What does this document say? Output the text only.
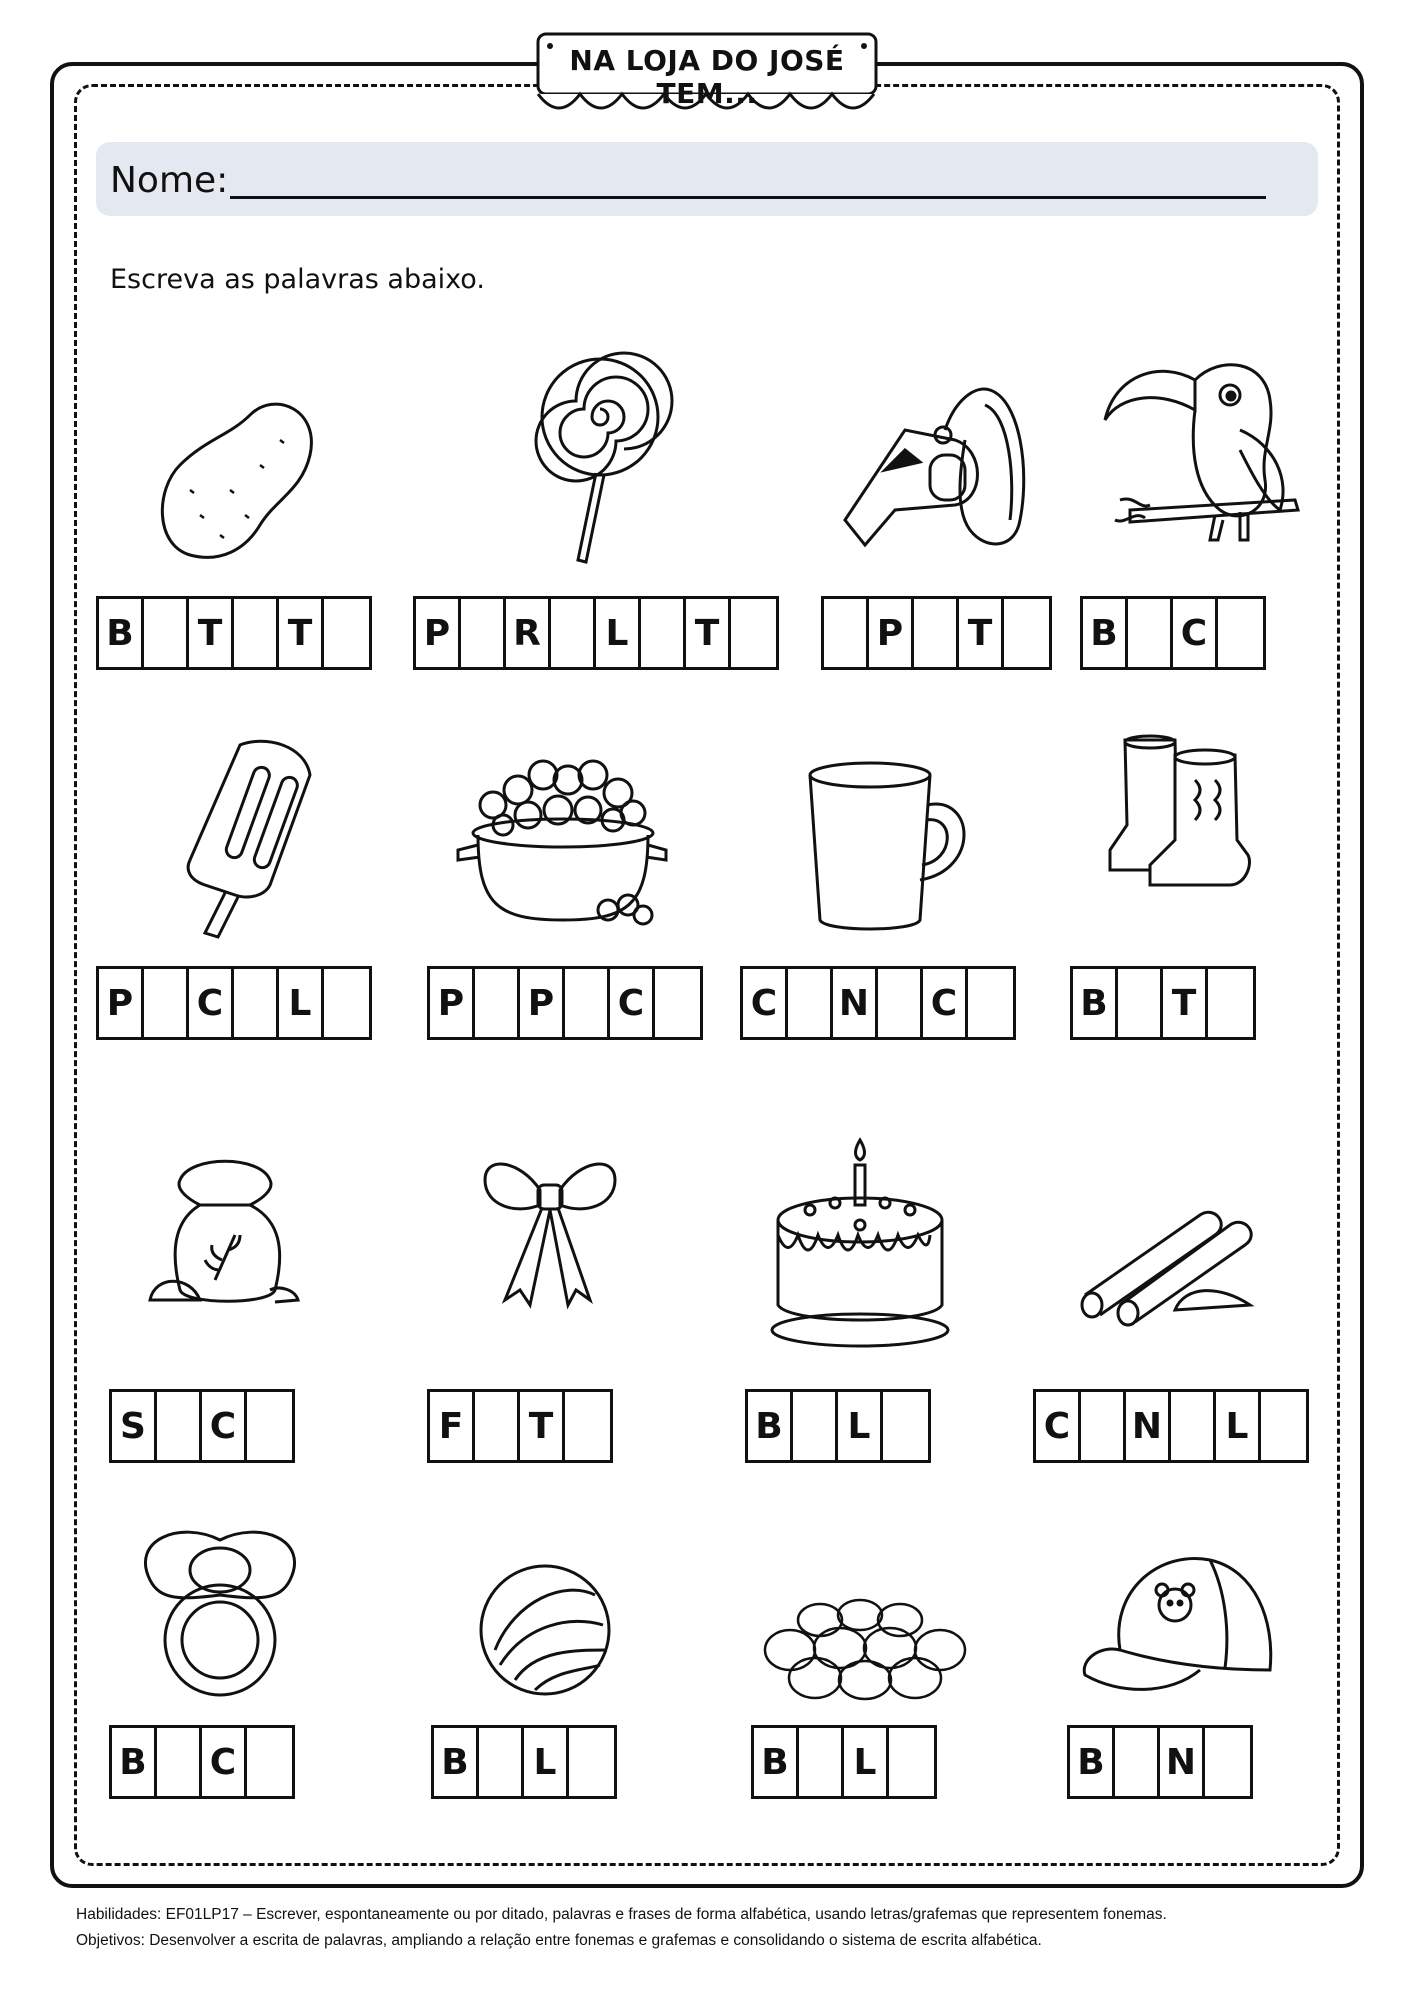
NA LOJA DO JOSÉ TEM...
Nome:
Escreva as palavras abaixo.
B T	T	P	R L	T	P	T	B C
P	C L	P	P	C	C N C	B T
S	C	F	T	B L	C N L
B C	B L	B L	B N
Habilidades: EF01LP17 – Escrever, espontaneamente ou por ditado, palavras e frases de forma alfabética, usando letras/grafemas que representem fonemas.
Objetivos: Desenvolver a escrita de palavras, ampliando a relação entre fonemas e grafemas e consolidando o sistema de escrita alfabética.
